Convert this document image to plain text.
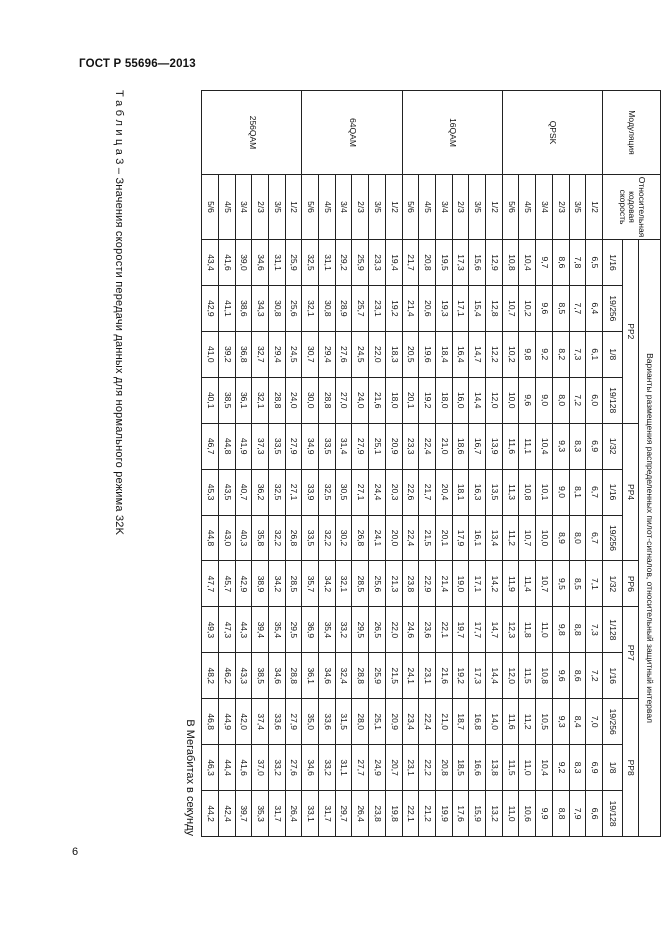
ГОСТ Р 55696—2013
Модуляция	Относительная кодовая скорость	Варианты размещения распределенных пилот-сигналов, относительный защитный интервал												
		PP2				PP4			PP6	PP7		PP8		
		1/16	19/256	1/8	19/128	1/32	1/16	19/256	1/32	1/128	1/16	19/256	1/8	19/128
QPSK	1/2	6,5	6,4	6,1	6,0	6,9	6,7	6,7	7,1	7,3	7,2	7,0	6,9	6,6
	3/5	7,8	7,7	7,3	7,2	8,3	8,1	8,0	8,5	8,8	8,6	8,4	8,3	7,9
	2/3	8,6	8,5	8,2	8,0	9,3	9,0	8,9	9,5	9,8	9,6	9,3	9,2	8,8
	3/4	9,7	9,6	9,2	9,0	10,4	10,1	10,0	10,7	11,0	10,8	10,5	10,4	9,9
	4/5	10,4	10,2	9,8	9,6	11,1	10,8	10,7	11,4	11,8	11,5	11,2	11,0	10,6
	5/6	10,8	10,7	10,2	10,0	11,6	11,3	11,2	11,9	12,3	12,0	11,6	11,5	11,0
16QAM	1/2	12,9	12,8	12,2	12,0	13,9	13,5	13,4	14,2	14,7	14,4	14,0	13,8	13,2
	3/5	15,6	15,4	14,7	14,4	16,7	16,3	16,1	17,1	17,7	17,3	16,8	16,6	15,9
	2/3	17,3	17,1	16,4	16,0	18,6	18,1	17,9	19,0	19,7	19,2	18,7	18,5	17,6
	3/4	19,5	19,3	18,4	18,0	21,0	20,4	20,1	21,4	22,1	21,6	21,0	20,8	19,9
	4/5	20,8	20,6	19,6	19,2	22,4	21,7	21,5	22,9	23,6	23,1	22,4	22,2	21,2
	5/6	21,7	21,4	20,5	20,1	23,3	22,6	22,4	23,8	24,6	24,1	23,4	23,1	22,1
64QAM	1/2	19,4	19,2	18,3	18,0	20,9	20,3	20,0	21,3	22,0	21,5	20,9	20,7	19,8
	3/5	23,3	23,1	22,0	21,6	25,1	24,4	24,1	25,6	26,5	25,9	25,1	24,9	23,8
	2/3	25,9	25,7	24,5	24,0	27,9	27,1	26,8	28,5	29,5	28,8	28,0	27,7	26,4
	3/4	29,2	28,9	27,6	27,0	31,4	30,5	30,2	32,1	33,2	32,4	31,5	31,1	29,7
	4/5	31,1	30,8	29,4	28,8	33,5	32,5	32,2	34,2	35,4	34,6	33,6	33,2	31,7
	5/6	32,5	32,1	30,7	30,0	34,9	33,9	33,5	35,7	36,9	36,1	35,0	34,6	33,1
256QAM	1/2	25,9	25,6	24,5	24,0	27,9	27,1	26,8	28,5	29,5	28,8	27,9	27,6	26,4
	3/5	31,1	30,8	29,4	28,8	33,5	32,5	32,2	34,2	35,4	34,6	33,6	33,2	31,7
	2/3	34,6	34,3	32,7	32,1	37,3	36,2	35,8	38,9	39,4	38,5	37,4	37,0	35,3
	3/4	39,0	38,6	36,8	36,1	41,9	40,7	40,3	42,9	44,3	43,3	42,0	41,6	39,7
	4/5	41,6	41,1	39,2	38,5	44,8	43,5	43,0	45,7	47,3	46,2	44,9	44,4	42,4
	5/6	43,4	42,9	41,0	40,1	46,7	45,3	44,8	47,7	49,3	48,2	46,8	46,3	44,2
В Мегабитах в секунду
Т а б л и ц а 3 – Значения скорости передачи данных для нормального режима 32K
6
